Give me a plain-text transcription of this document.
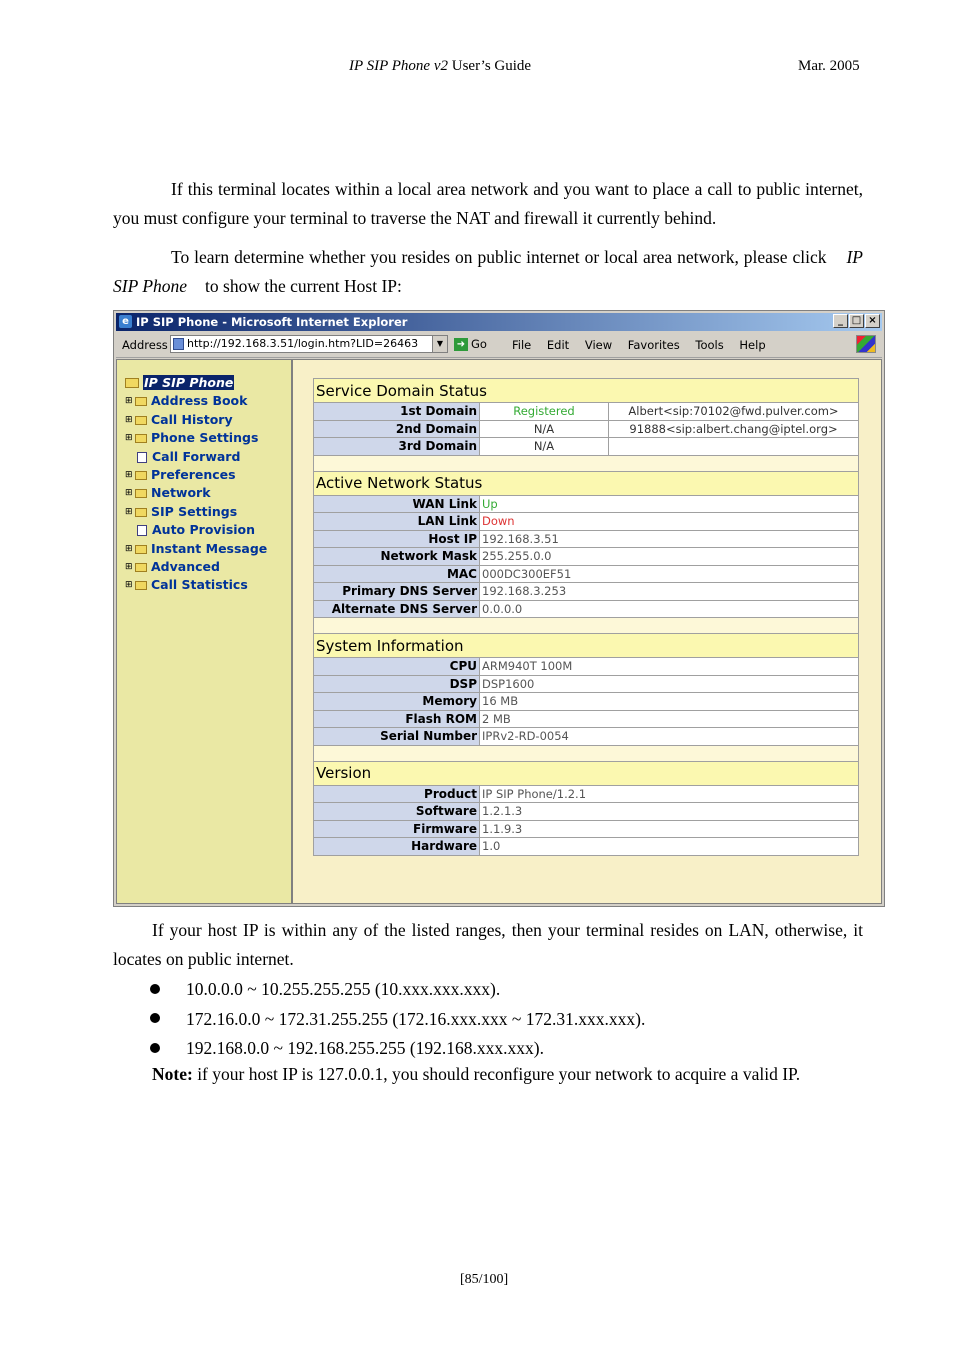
IP SIP Phone v2 User’s Guide	Mar. 2005
If this terminal locates within a local area network and you want to place a call to public internet, you must configure your terminal to traverse the NAT and firewall it currently behind.
To learn determine whether you resides on public internet or local area network, please click IP SIP Phone to show the current Host IP:
e IP SIP Phone - Microsoft Internet Explorer	_ □ ×
Address	http://192.168.3.51/login.htm?LID=26463	▼	➜ Go File Edit View Favorites Tools Help
IP SIP Phone
⊞ Address Book
⊞ Call History
⊞ Phone Settings
Call Forward
⊞ Preferences
⊞ Network
⊞ SIP Settings
Auto Provision
⊞ Instant Message
⊞ Advanced
⊞ Call Statistics
Service Domain Status		
1st Domain	Registered	Albert<sip:70102@fwd.pulver.com>
2nd Domain	N/A	91888<sip:albert.chang@iptel.org>
3rd Domain	N/A	

Active Network Status		
WAN Link	Up	
LAN Link	Down	
Host IP	192.168.3.51	
Network Mask	255.255.0.0	
MAC	000DC300EF51	
Primary DNS Server	192.168.3.253	
Alternate DNS Server	0.0.0.0	

System Information		
CPU	ARM940T 100M	
DSP	DSP1600	
Memory	16 MB	
Flash ROM	2 MB	
Serial Number	IPRv2-RD-0054	

Version		
Product	IP SIP Phone/1.2.1	
Software	1.2.1.3	
Firmware	1.1.9.3	
Hardware	1.0	
If your host IP is within any of the listed ranges, then your terminal resides on LAN, otherwise, it locates on public internet.
10.0.0.0 ~ 10.255.255.255 (10.xxx.xxx.xxx).
172.16.0.0 ~ 172.31.255.255 (172.16.xxx.xxx ~ 172.31.xxx.xxx).
192.168.0.0 ~ 192.168.255.255 (192.168.xxx.xxx).
Note: if your host IP is 127.0.0.1, you should reconfigure your network to acquire a valid IP.
[85/100]
